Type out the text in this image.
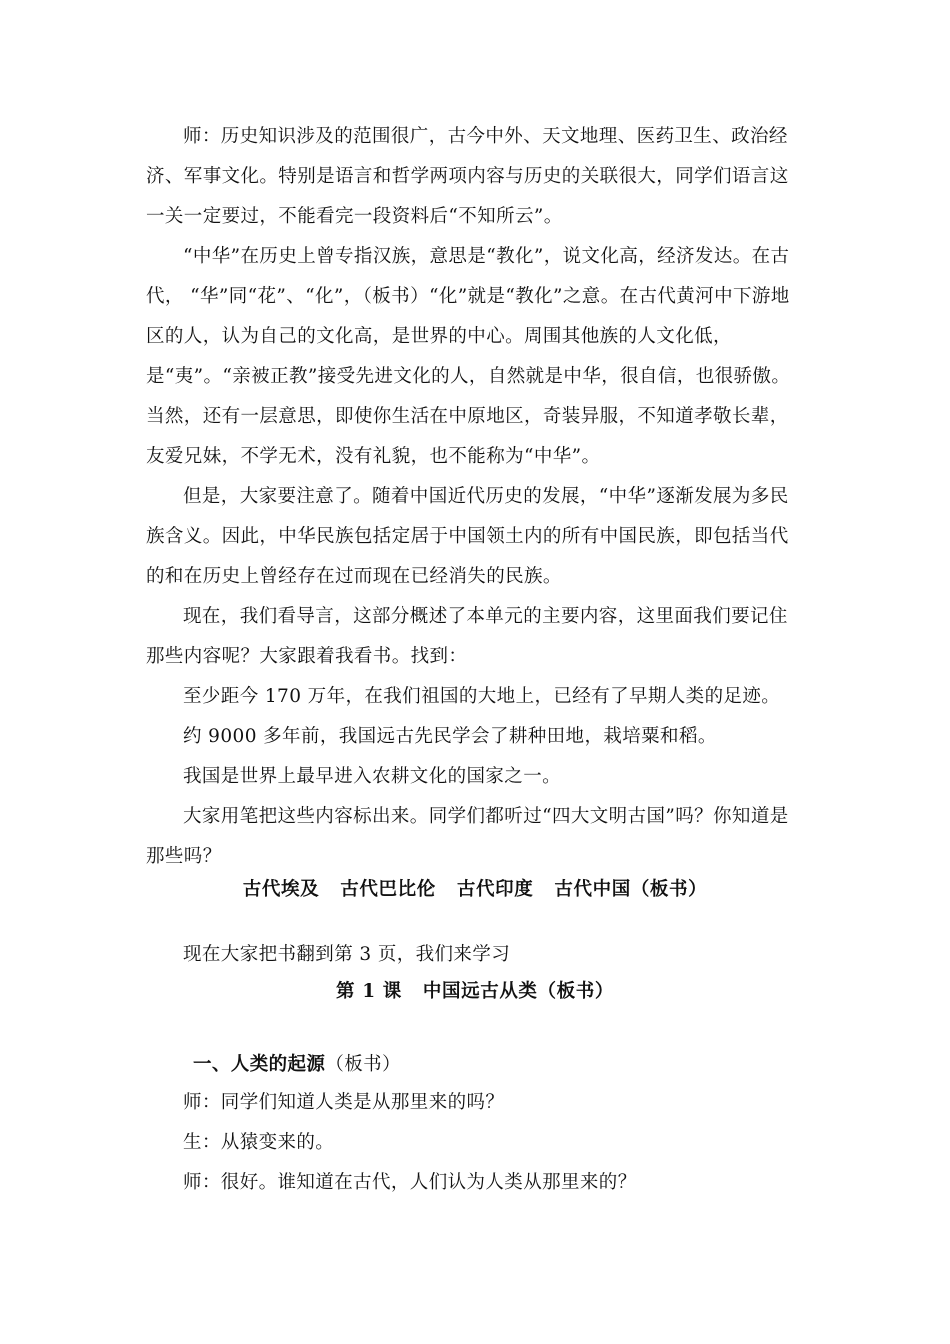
师：历史知识涉及的范围很广，古今中外、天文地理、医药卫生、政治经济、军事文化。特别是语言和哲学两项内容与历史的关联很大，同学们语言这一关一定要过，不能看完一段资料后“不知所云”。

“中华”在历史上曾专指汉族，意思是“教化”，说文化高，经济发达。在古代， “华”同“花”、“化”，（板书）“化”就是“教化”之意。在古代黄河中下游地区的人，认为自己的文化高，是世界的中心。周围其他族的人文化低，是“夷”。“亲被正教”接受先进文化的人，自然就是中华，很自信，也很骄傲。当然，还有一层意思，即使你生活在中原地区，奇装异服，不知道孝敬长辈，友爱兄妹，不学无术，没有礼貌，也不能称为“中华”。

但是，大家要注意了。随着中国近代历史的发展，“中华”逐渐发展为多民族含义。因此，中华民族包括定居于中国领土内的所有中国民族，即包括当代的和在历史上曾经存在过而现在已经消失的民族。

现在，我们看导言，这部分概述了本单元的主要内容，这里面我们要记住那些内容呢？大家跟着我看书。找到：

至少距今 170 万年，在我们祖国的大地上，已经有了早期人类的足迹。

约 9000 多年前，我国远古先民学会了耕种田地，栽培粟和稻。

我国是世界上最早进入农耕文化的国家之一。

大家用笔把这些内容标出来。同学们都听过“四大文明古国”吗？你知道是那些吗？

古代埃及   古代巴比伦   古代印度   古代中国（板书）

现在大家把书翻到第 3 页，我们来学习

第 1 课   中国远古从类（板书）

一、人类的起源（板书）

师：同学们知道人类是从那里来的吗？

生：从猿变来的。

师：很好。谁知道在古代，人们认为人类从那里来的？
